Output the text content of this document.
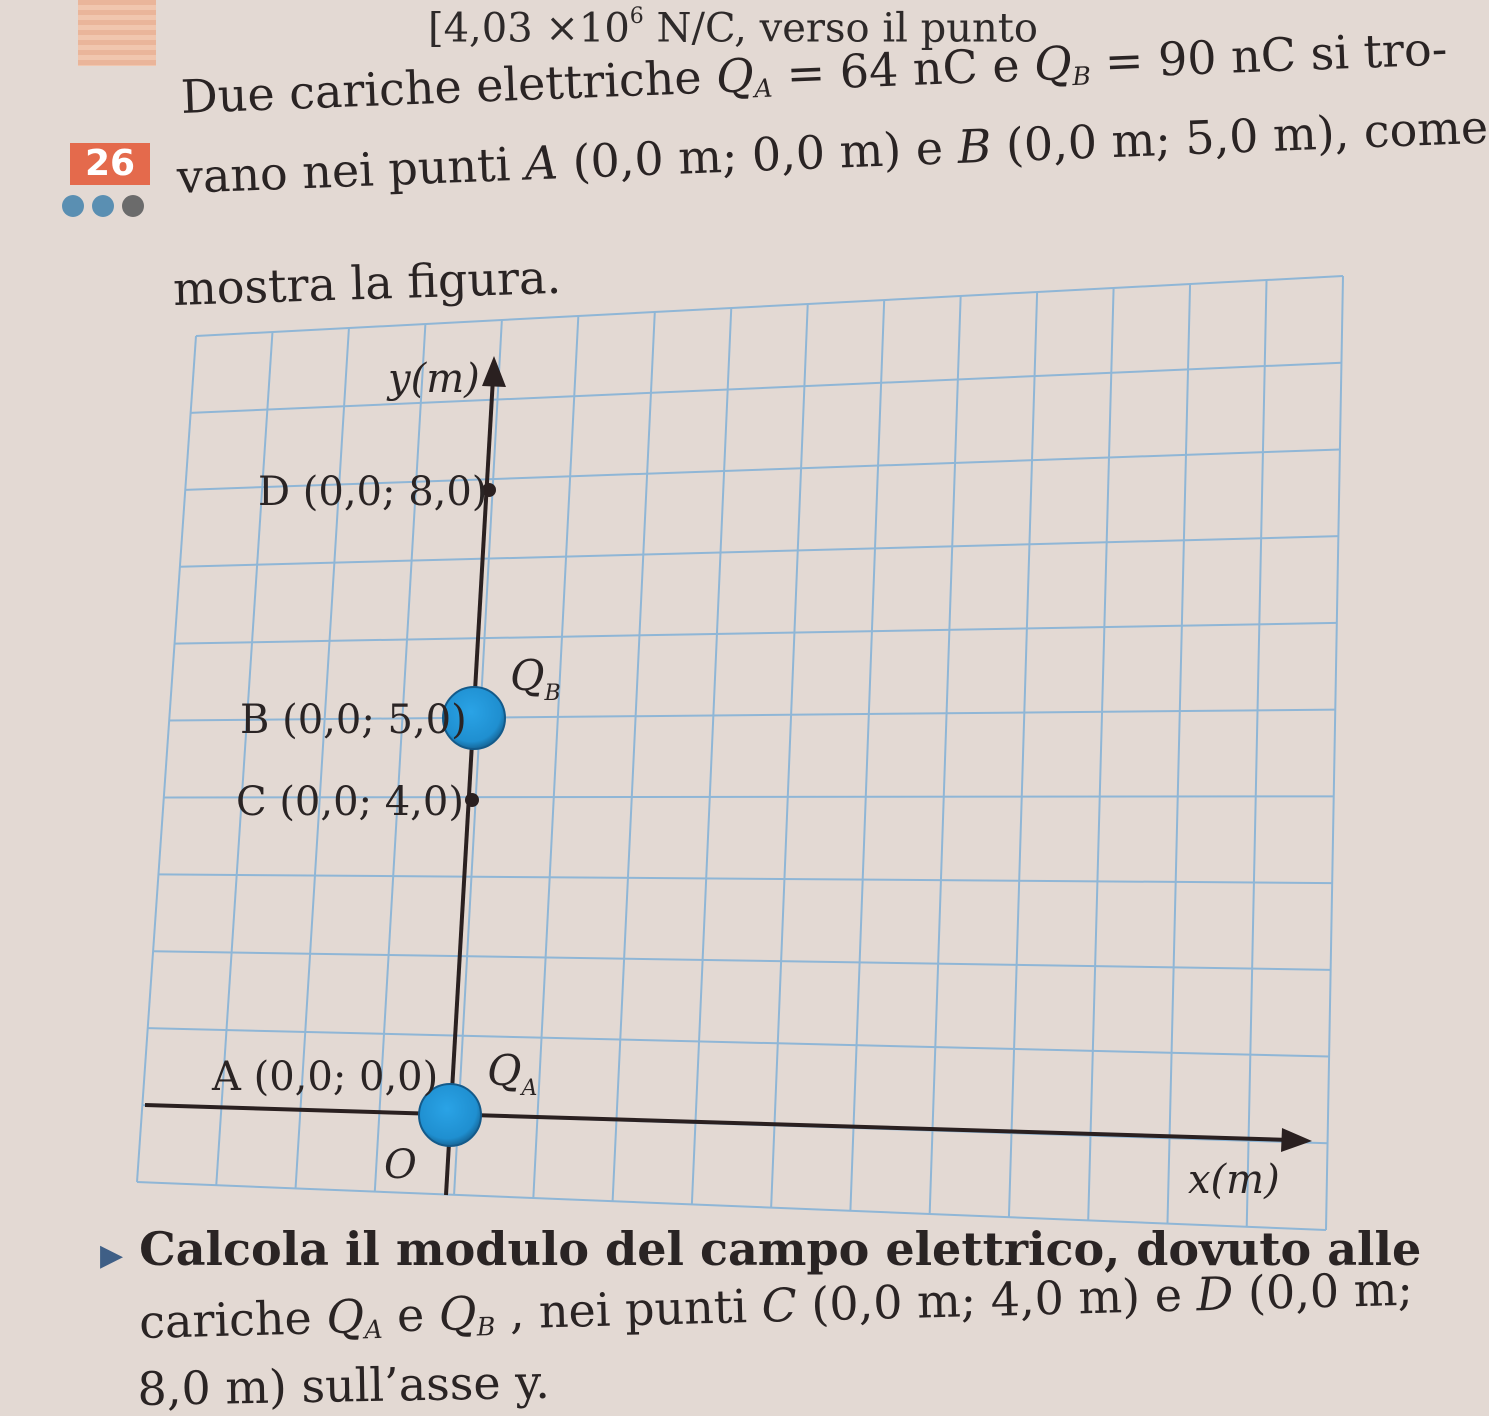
[$4,03 \times 10^6$ N/C, verso il punto
26
Due cariche elettriche $Q_A = 64$ nC e $Q_B = 90$ nC si tro-
vano nei punti A (0,0 m; 0,0 m) e B (0,0 m; 5,0 m), come
mostra la figura.
y(m)
D (0,0; 8,0)
$Q_B$
B (0,0; 5,0)
C (0,0; 4,0)
A (0,0; 0,0) $Q_A$
O	x(m)
▶ Calcola il modulo del campo elettrico, dovuto alle
cariche $Q_A$ e $Q_B$ , nei punti C (0,0 m; 4,0 m) e D (0,0 m;
8,0 m) sull’asse y.
